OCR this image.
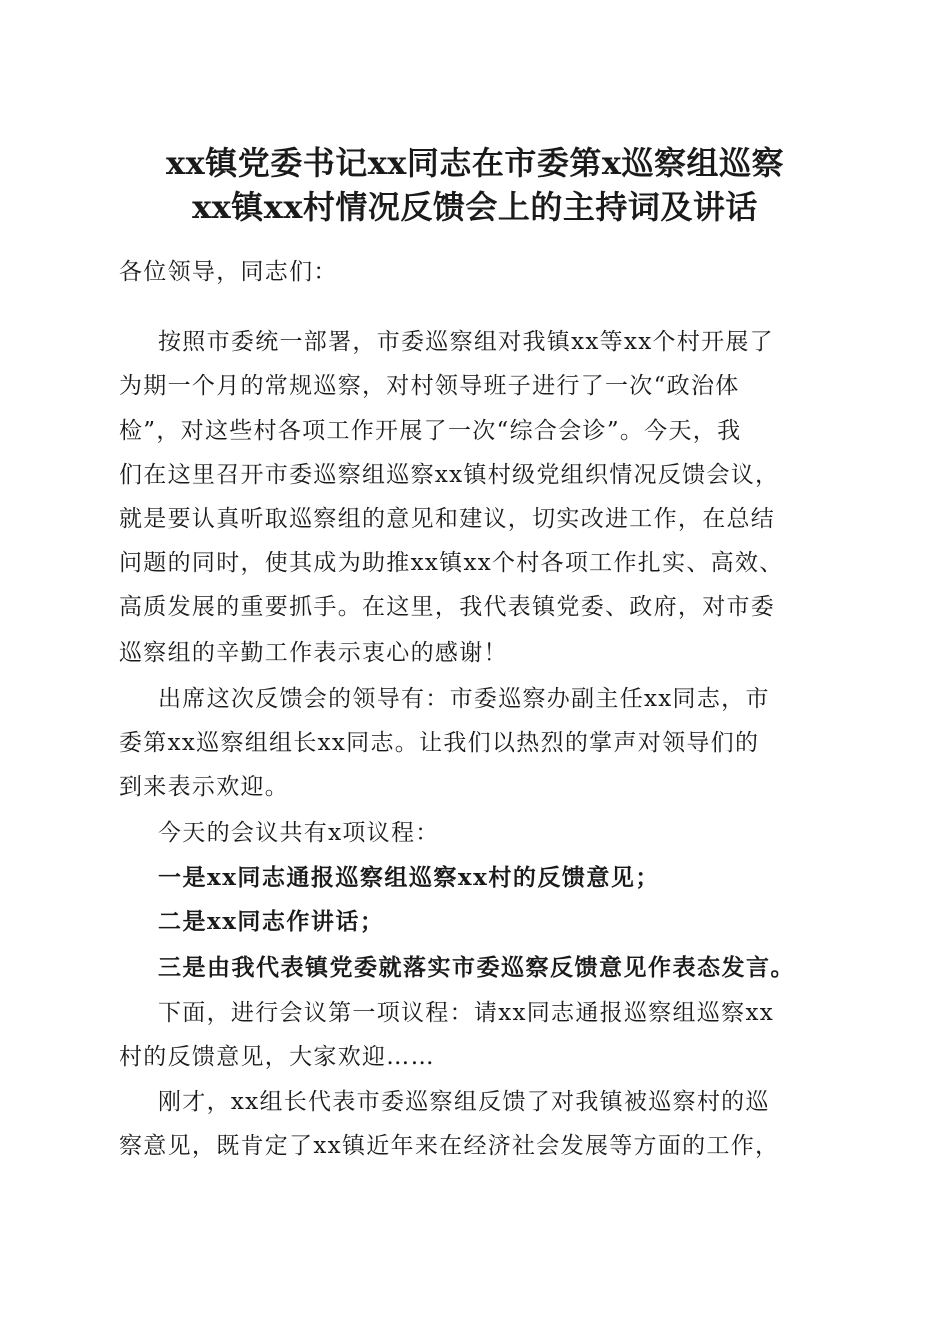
xx镇党委书记xx同志在市委第x巡察组巡察
xx镇xx村情况反馈会上的主持词及讲话
各位领导，同志们：
按照市委统一部署，市委巡察组对我镇xx等xx个村开展了
为期一个月的常规巡察，对村领导班子进行了一次“政治体
检”，对这些村各项工作开展了一次“综合会诊”。今天，我
们在这里召开市委巡察组巡察xx镇村级党组织情况反馈会议，
就是要认真听取巡察组的意见和建议，切实改进工作，在总结
问题的同时，使其成为助推xx镇xx个村各项工作扎实、高效、
高质发展的重要抓手。在这里，我代表镇党委、政府，对市委
巡察组的辛勤工作表示衷心的感谢！
出席这次反馈会的领导有：市委巡察办副主任xx同志，市
委第xx巡察组组长xx同志。让我们以热烈的掌声对领导们的
到来表示欢迎。
今天的会议共有x项议程：
一是xx同志通报巡察组巡察xx村的反馈意见；
二是xx同志作讲话；
三是由我代表镇党委就落实市委巡察反馈意见作表态发言。
下面，进行会议第一项议程：请xx同志通报巡察组巡察xx
村的反馈意见，大家欢迎……
刚才，xx组长代表市委巡察组反馈了对我镇被巡察村的巡
察意见，既肯定了xx镇近年来在经济社会发展等方面的工作，
